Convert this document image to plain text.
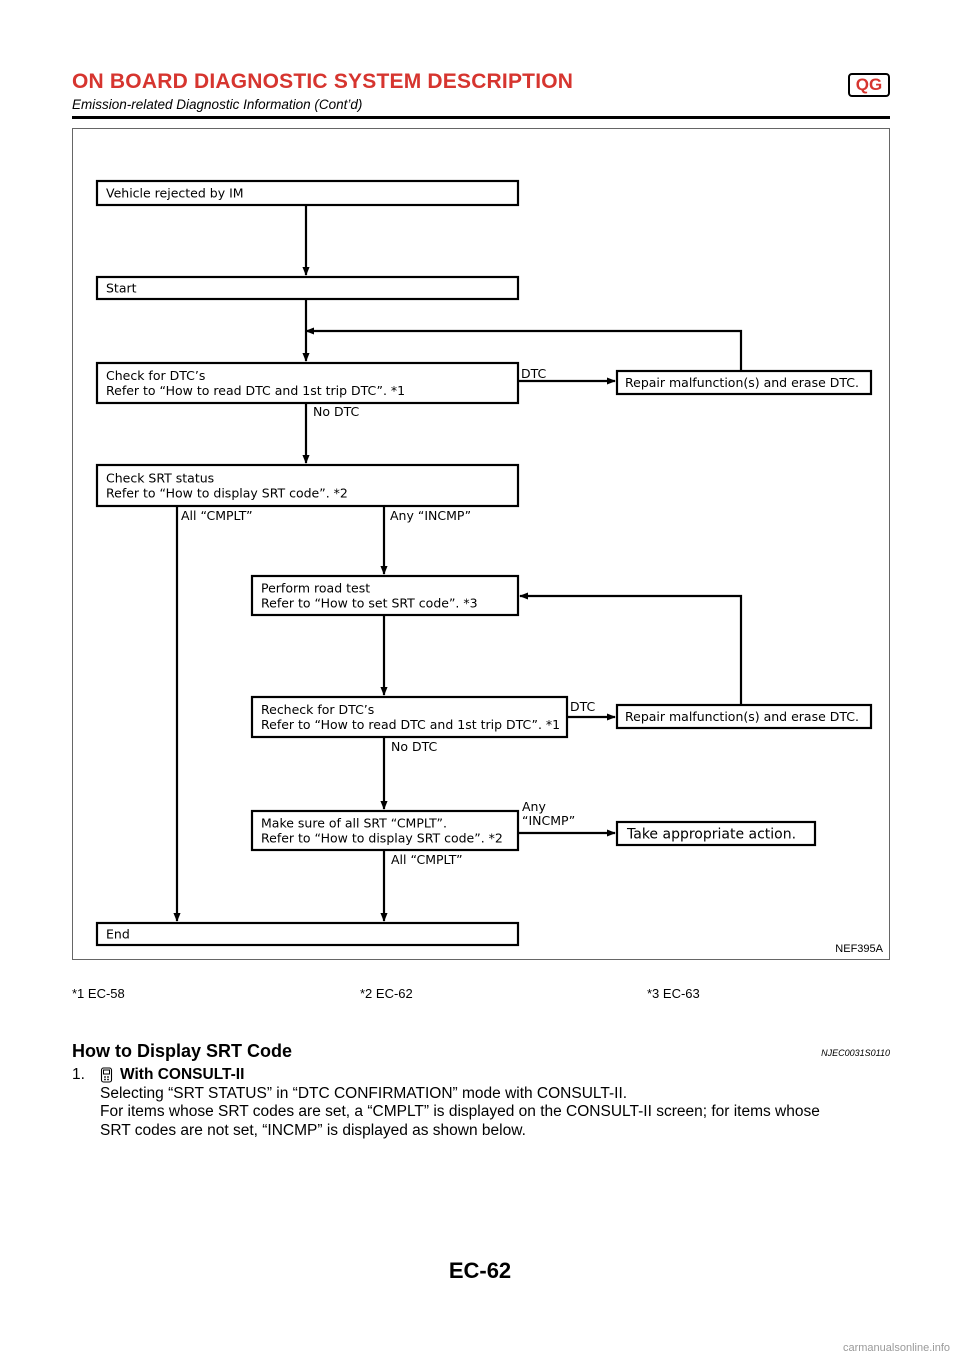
ON BOARD DIAGNOSTIC SYSTEM DESCRIPTION	QG
Emission-related Diagnostic Information (Cont’d)
Vehicle rejected by IM
Start
Check for DTC’s
Refer to “How to read DTC and 1st trip DTC”. *1
Repair malfunction(s) and erase DTC.
Check SRT status
Refer to “How to display SRT code”. *2
Perform road test
Refer to “How to set SRT code”. *3
Recheck for DTC’s
Refer to “How to read DTC and 1st trip DTC”. *1
Repair malfunction(s) and erase DTC.
Make sure of all SRT “CMPLT”.
Refer to “How to display SRT code”. *2	Take appropriate action.
End
DTC
No DTC
All “CMPLT”	Any “INCMP”
DTC
No DTC
All “CMPLT”
Any
“INCMP”
NEF395A
*1 EC-58	*2 EC-62	*3 EC-63
How to Display SRT Code	NJEC0031S0110
1. With CONSULT-II

Selecting “SRT STATUS” in “DTC CONFIRMATION” mode with CONSULT-II.

For items whose SRT codes are set, a “CMPLT” is displayed on the CONSULT-II screen; for items whose

SRT codes are not set, “INCMP” is displayed as shown below.

EC-62
carmanualsonline.info
